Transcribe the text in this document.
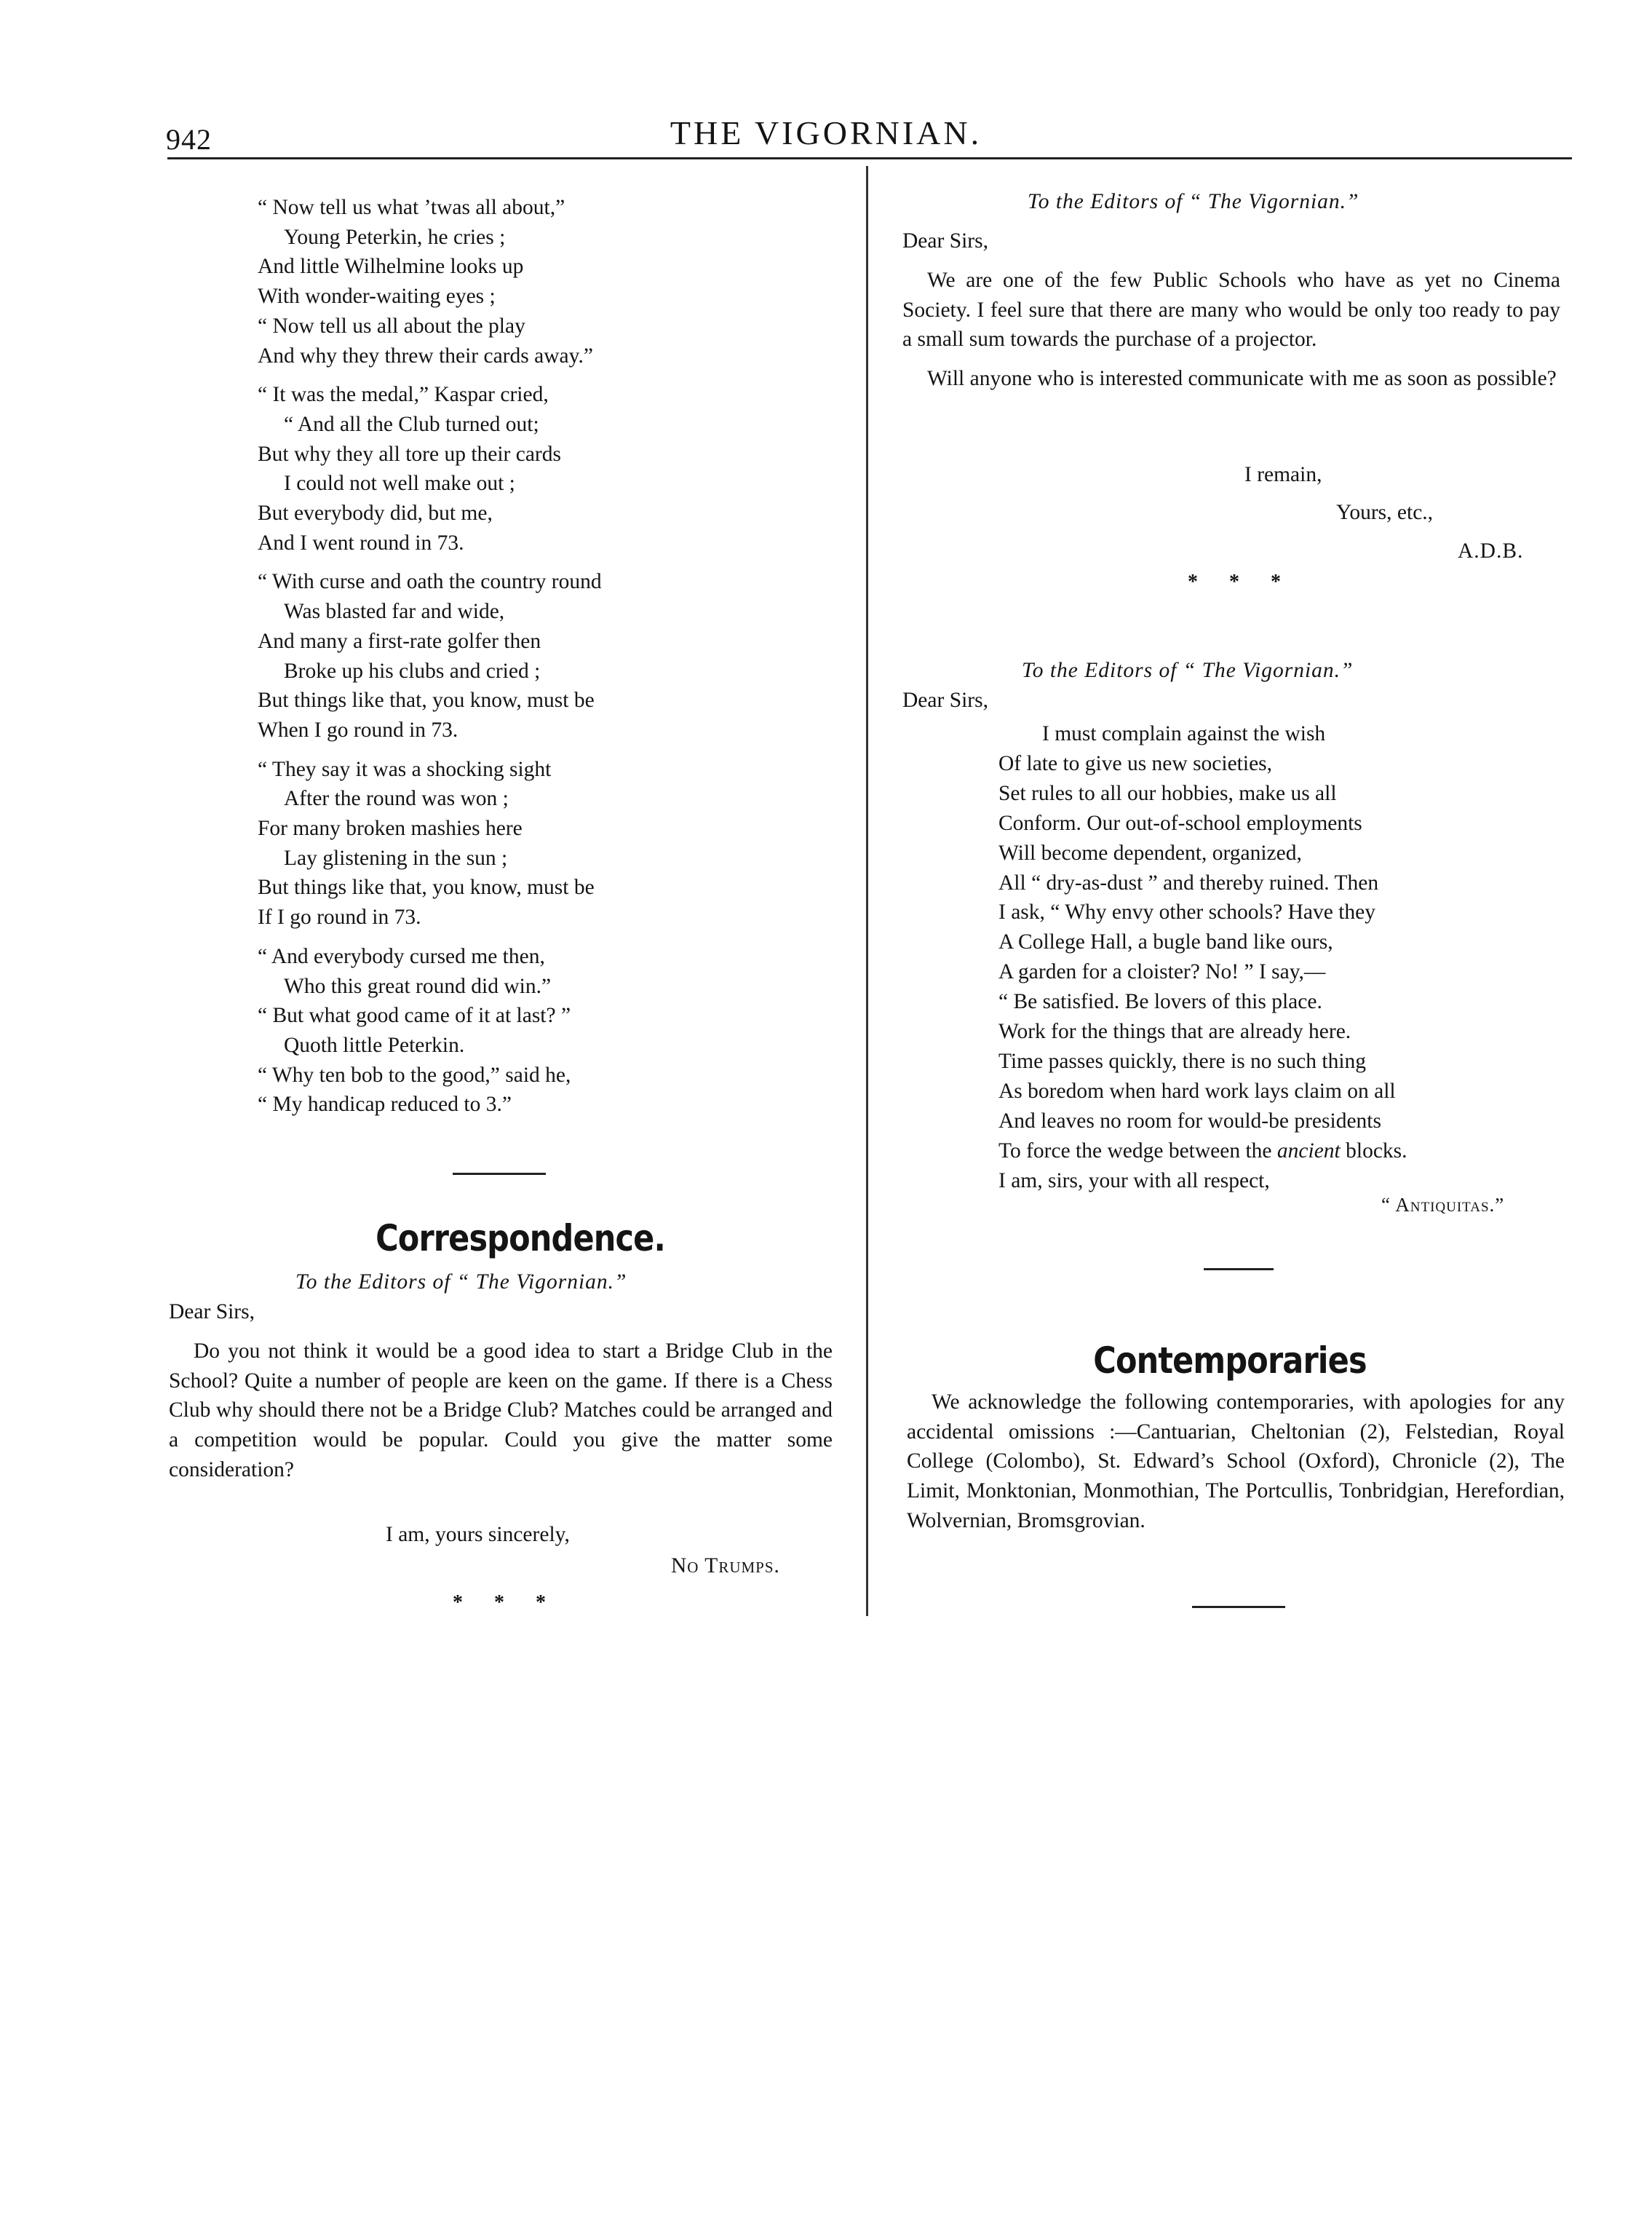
942	THE VIGORNIAN.

“ Now tell us what ’twas all about,”

Young Peterkin, he cries ;

And little Wilhelmine looks up

With wonder-waiting eyes ;

“ Now tell us all about the play

And why they threw their cards away.”

“ It was the medal,” Kaspar cried,

“ And all the Club turned out;

But why they all tore up their cards

I could not well make out ;

But everybody did, but me,

And I went round in 73.

“ With curse and oath the country round

Was blasted far and wide,

And many a first-rate golfer then

Broke up his clubs and cried ;

But things like that, you know, must be

When I go round in 73.

“ They say it was a shocking sight

After the round was won ;

For many broken mashies here

Lay glistening in the sun ;

But things like that, you know, must be

If I go round in 73.

“ And everybody cursed me then,

Who this great round did win.”

“ But what good came of it at last? ”

Quoth little Peterkin.

“ Why ten bob to the good,” said he,

“ My handicap reduced to 3.”

Correspondence.
To the Editors of “ The Vigornian.”
Dear Sirs,

Do you not think it would be a good idea to start a Bridge Club in the School? Quite a number of people are keen on the game. If there is a Chess Club why should there not be a Bridge Club? Matches could be arranged and a competition would be popular. Could you give the matter some consideration?

I am, yours sincerely,
No Trumps.
* * *
To the Editors of “ The Vigornian.”
Dear Sirs,

We are one of the few Public Schools who have as yet no Cinema Society. I feel sure that there are many who would be only too ready to pay a small sum towards the purchase of a projector.

Will anyone who is interested communicate with me as soon as possible?

I remain,
Yours, etc.,
A.D.B.
* * *
To the Editors of “ The Vigornian.”
Dear Sirs,

I must complain against the wish

Of late to give us new societies,

Set rules to all our hobbies, make us all

Conform. Our out-of-school employments

Will become dependent, organized,

All “ dry-as-dust ” and thereby ruined. Then

I ask, “ Why envy other schools? Have they

A College Hall, a bugle band like ours,

A garden for a cloister? No! ” I say,—

“ Be satisfied. Be lovers of this place.

Work for the things that are already here.

Time passes quickly, there is no such thing

As boredom when hard work lays claim on all

And leaves no room for would-be presidents

To force the wedge between the ancient blocks.

I am, sirs, your with all respect,

“ Antiquitas.”
Contemporaries

We acknowledge the following contemporaries, with apologies for any accidental omissions :—Cantuarian, Cheltonian (2), Felstedian, Royal College (Colombo), St. Edward’s School (Oxford), Chronicle (2), The Limit, Monktonian, Monmothian, The Portcullis, Tonbridgian, Herefordian, Wolvernian, Bromsgrovian.
